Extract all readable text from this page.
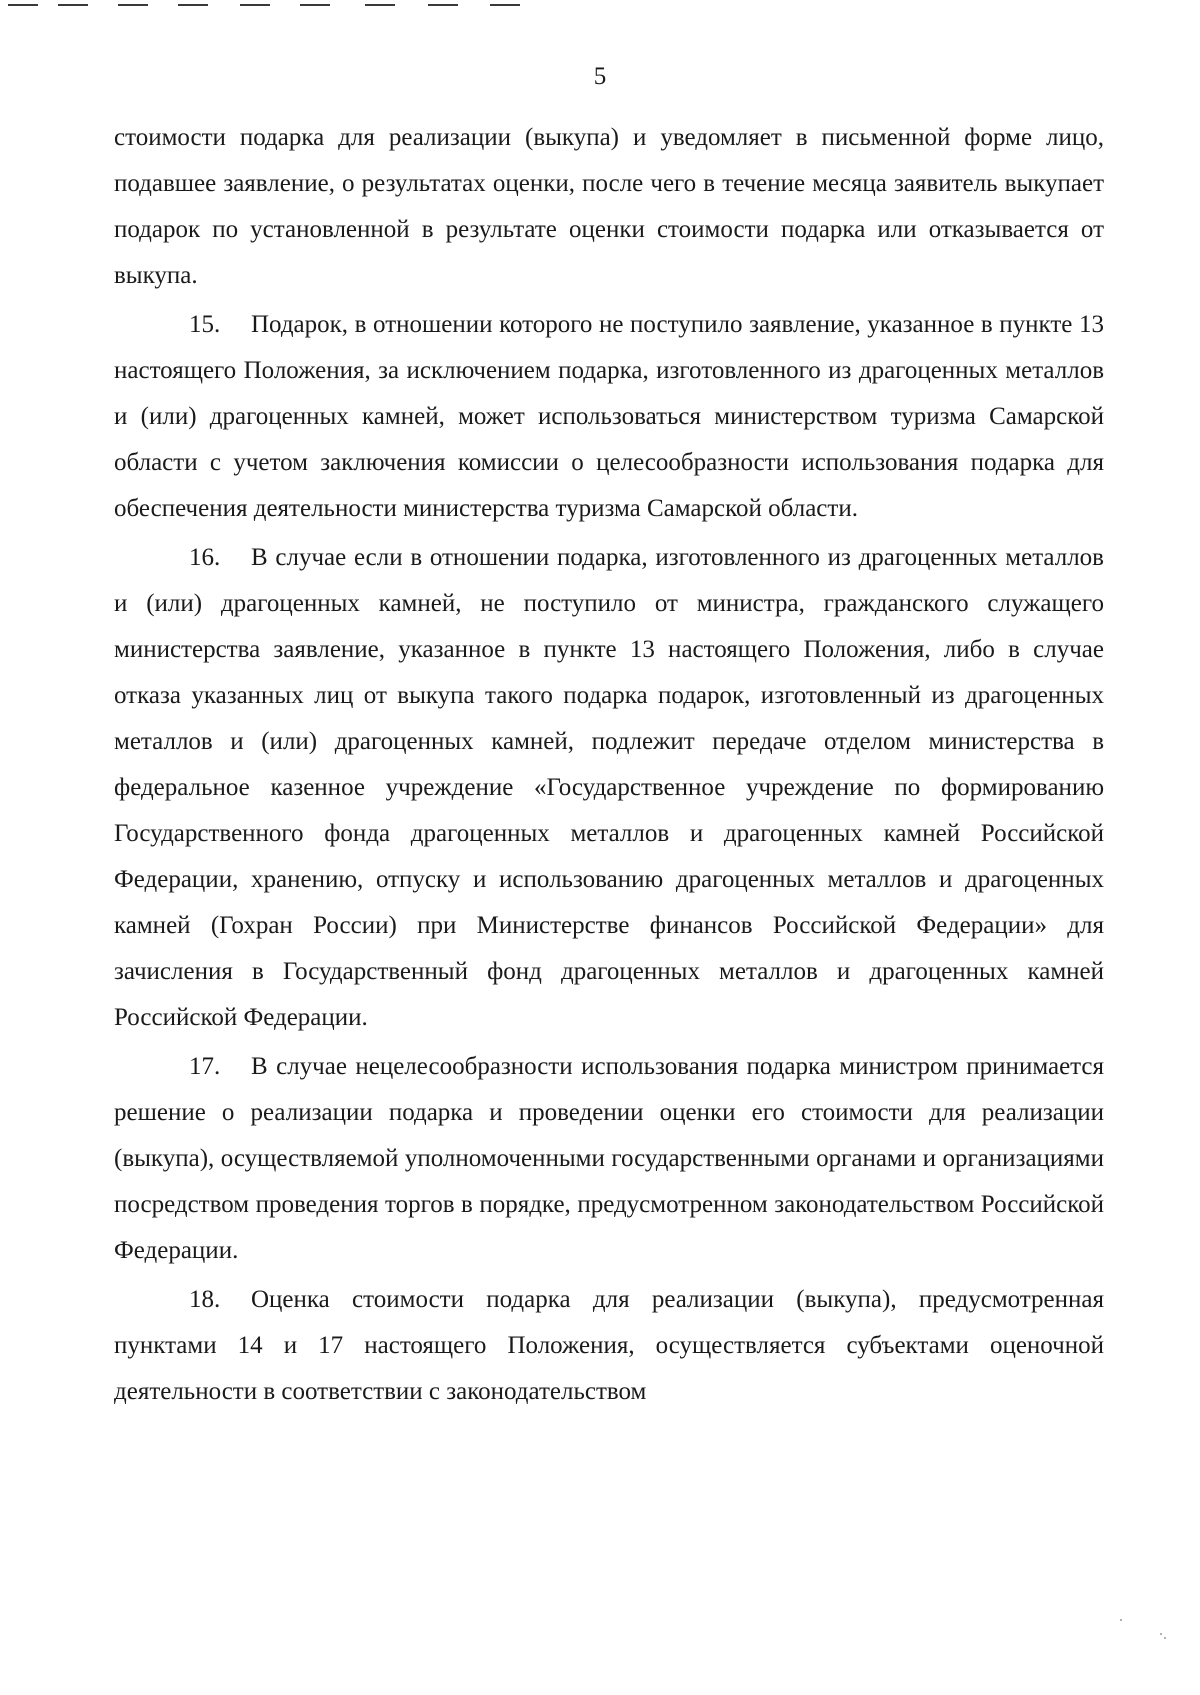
5

стоимости подарка для реализации (выкупа) и уведомляет в письменной форме лицо, подавшее заявление, о результатах оценки, после чего в течение месяца заявитель выкупает подарок по установленной в результате оценки стоимости подарка или отказывается от выкупа.

15. Подарок, в отношении которого не поступило заявление, указанное в пункте 13 настоящего Положения, за исключением подарка, изготовленного из драгоценных металлов и (или) драгоценных камней, может использоваться министерством туризма Самарской области с учетом заключения комиссии о целесообразности использования подарка для обеспечения деятельности министерства туризма Самарской области.

16. В случае если в отношении подарка, изготовленного из драгоценных металлов и (или) драгоценных камней, не поступило от министра, гражданского служащего министерства заявление, указанное в пункте 13 настоящего Положения, либо в случае отказа указанных лиц от выкупа такого подарка подарок, изготовленный из драгоценных металлов и (или) драгоценных камней, подлежит передаче отделом министерства в федеральное казенное учреждение «Государственное учреждение по формированию Государственного фонда драгоценных металлов и драгоценных камней Российской Федерации, хранению, отпуску и использованию драгоценных металлов и драгоценных камней (Гохран России) при Министерстве финансов Российской Федерации» для зачисления в Государственный фонд драгоценных металлов и драгоценных камней Российской Федерации.

17. В случае нецелесообразности использования подарка министром принимается решение о реализации подарка и проведении оценки его стоимости для реализации (выкупа), осуществляемой уполномоченными государственными органами и организациями посредством проведения торгов в порядке, предусмотренном законодательством Российской Федерации.

18. Оценка стоимости подарка для реализации (выкупа), предусмотренная пунктами 14 и 17 настоящего Положения, осуществляется субъектами оценочной деятельности в соответствии с законодательством
